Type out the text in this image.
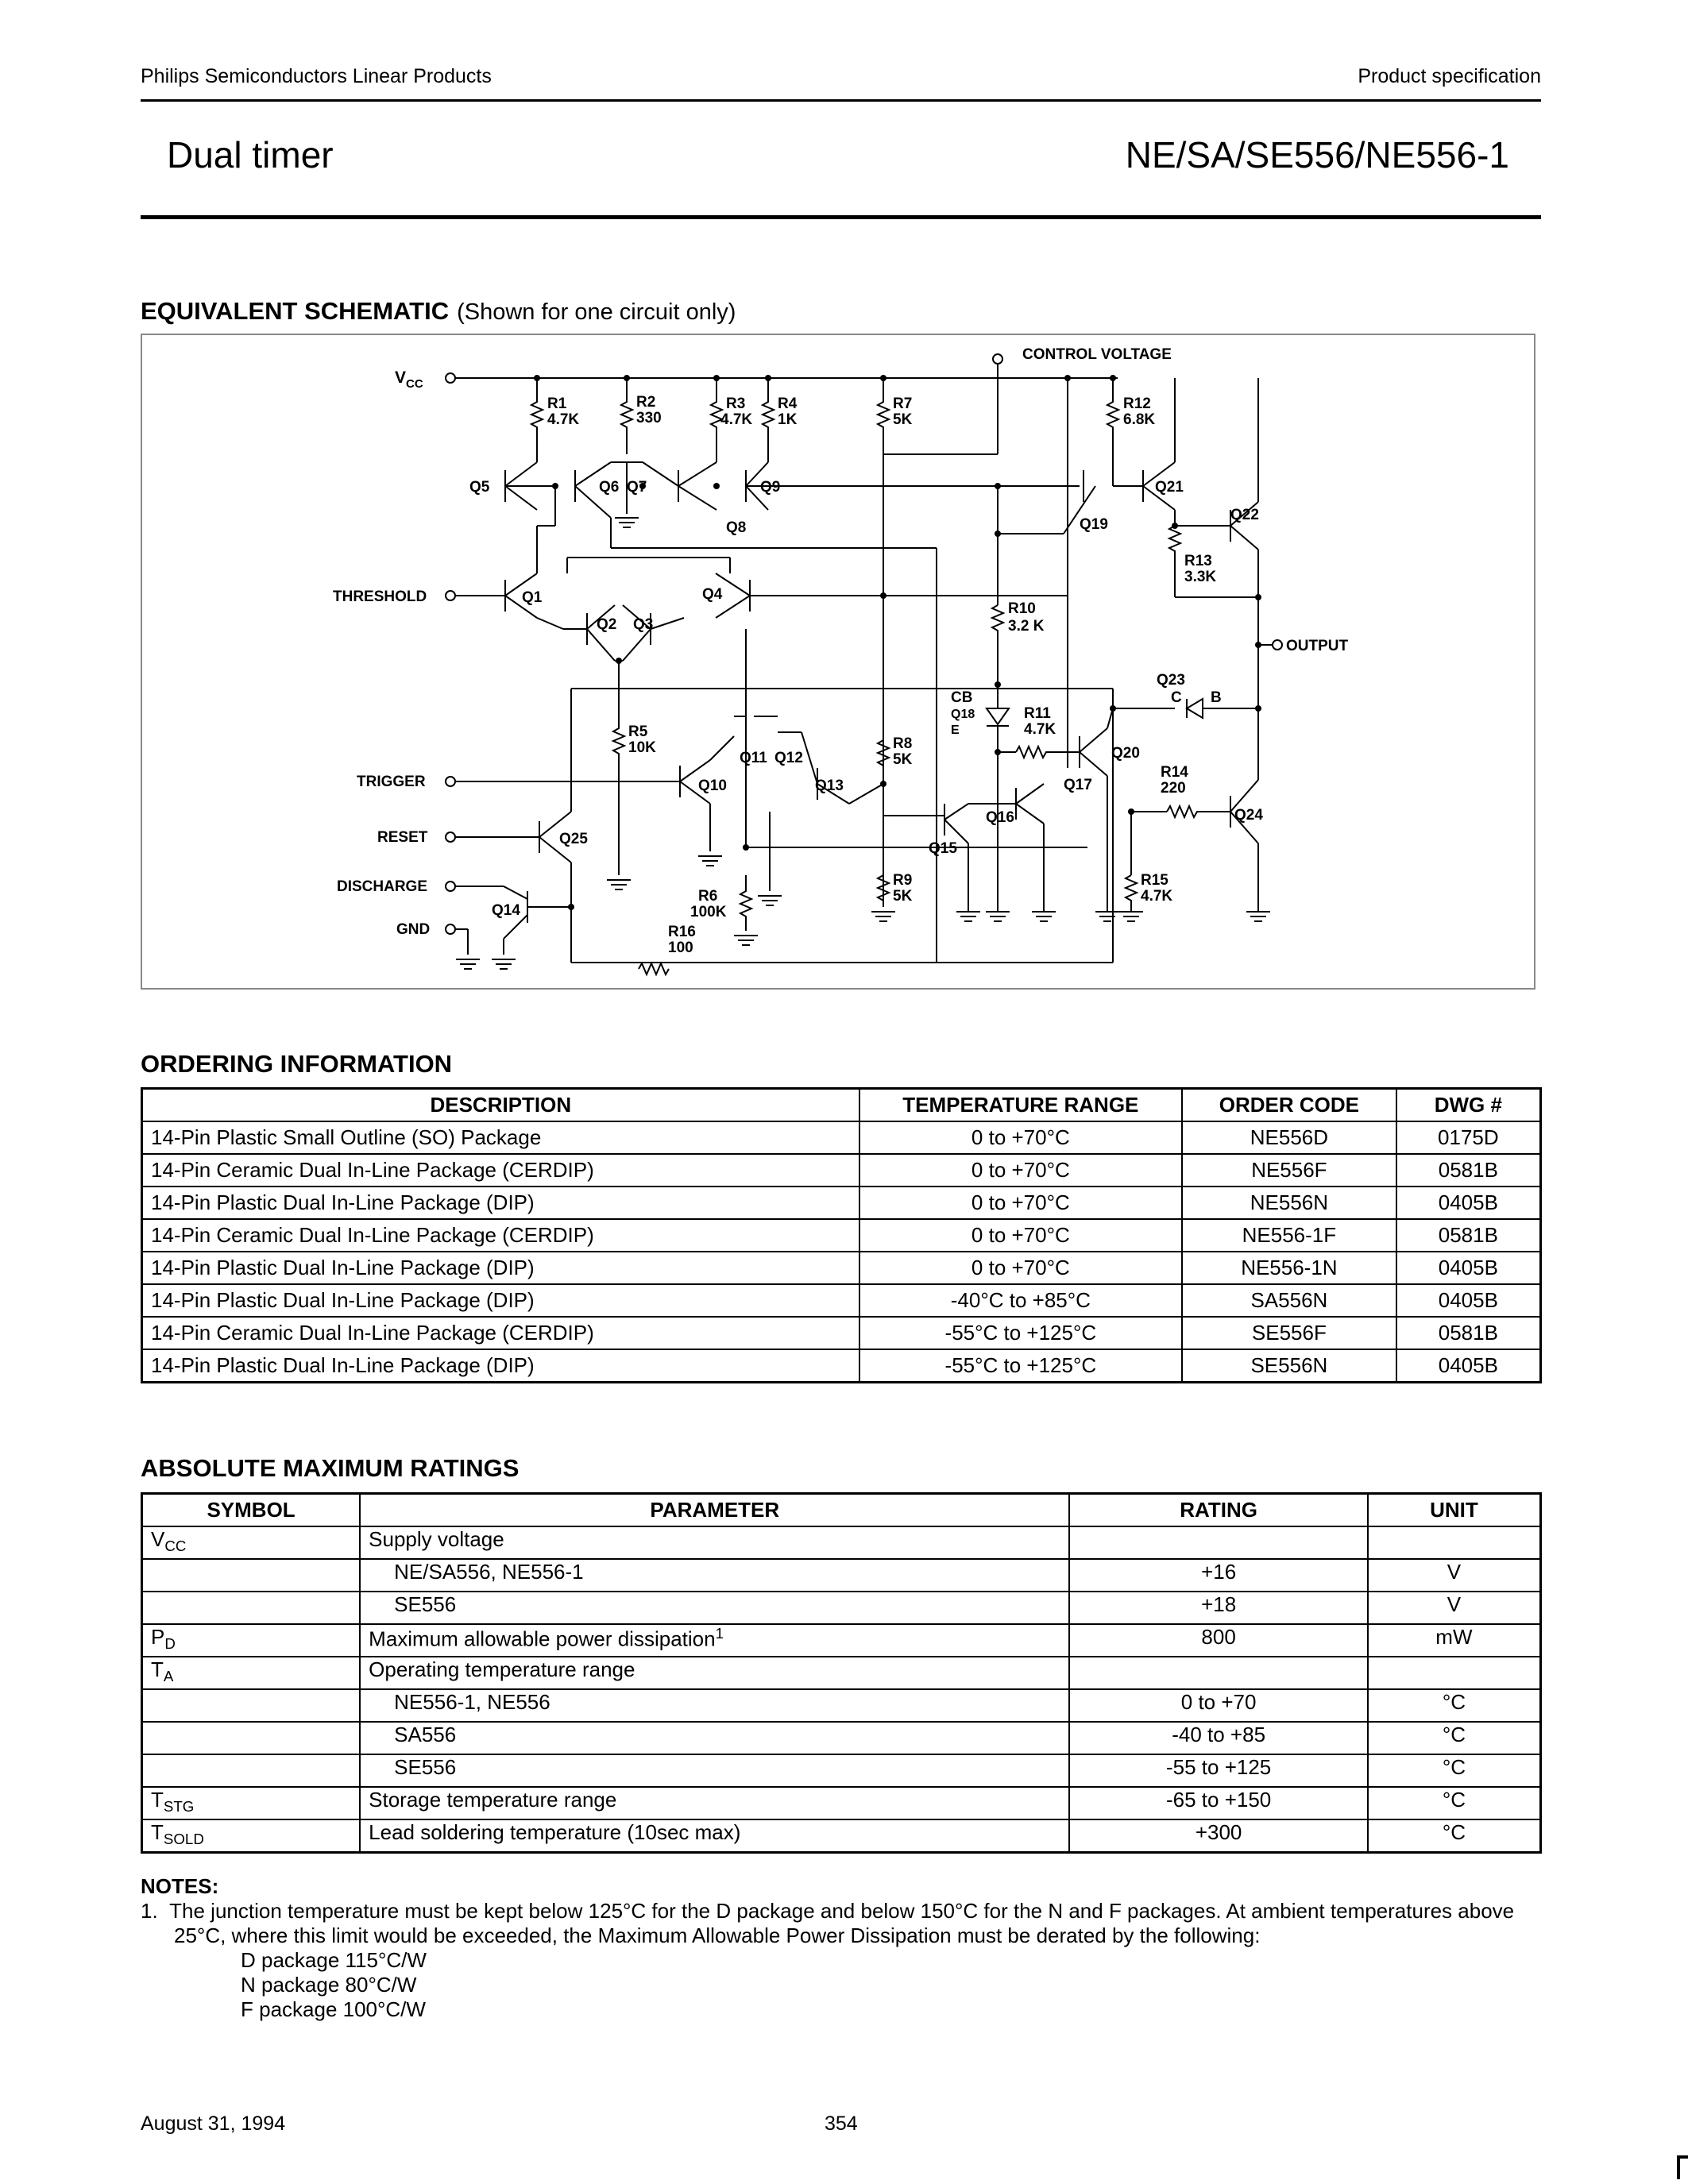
Philips Semiconductors Linear Products	Product specification
Dual timer	NE/SA/SE556/NE556-1
EQUIVALENT SCHEMATIC (Shown for one circuit only)
$V_{CC}$
CONTROL VOLTAGE
THRESHOLD
OUTPUT
TRIGGER
RESET
DISCHARGE
GND
R1
4.7K
R2
330
R3
4.7K
R4
1K
R5
10K
R6
100K
R7
5K
R8
5K
R9
5K
R10
3.2 K
R11
4.7K
R12
6.8K
R13
3.3K
R14
220
R15
4.7K
R16
100
Q1
Q2 Q3
Q4
Q5	Q6 Q7
Q8
Q9
Q10
Q11 Q12
Q13
Q14
Q15
Q16
Q17
Q19
Q20
Q21
Q22
Q23
Q24
Q25
CB
Q18
E
C B
ORDERING INFORMATION
DESCRIPTION	TEMPERATURE RANGE	ORDER CODE	DWG #
14-Pin Plastic Small Outline (SO) Package	0 to +70°C	NE556D	0175D
14-Pin Ceramic Dual In-Line Package (CERDIP)	0 to +70°C	NE556F	0581B
14-Pin Plastic Dual In-Line Package (DIP)	0 to +70°C	NE556N	0405B
14-Pin Ceramic Dual In-Line Package (CERDIP)	0 to +70°C	NE556-1F	0581B
14-Pin Plastic Dual In-Line Package (DIP)	0 to +70°C	NE556-1N	0405B
14-Pin Plastic Dual In-Line Package (DIP)	-40°C to +85°C	SA556N	0405B
14-Pin Ceramic Dual In-Line Package (CERDIP)	-55°C to +125°C	SE556F	0581B
14-Pin Plastic Dual In-Line Package (DIP)	-55°C to +125°C	SE556N	0405B
ABSOLUTE MAXIMUM RATINGS
SYMBOL	PARAMETER	RATING	UNIT
$V_{CC}$	Supply voltage		
	NE/SA556, NE556-1	+16	V
	SE556	+18	V
$P_D$	Maximum allowable power dissipation$^1$	800	mW
$T_A$	Operating temperature range		
	NE556-1, NE556	0 to +70	°C
	SA556	-40 to +85	°C
	SE556	-55 to +125	°C
$T_{STG}$	Storage temperature range	-65 to +150	°C
$T_{SOLD}$	Lead soldering temperature (10sec max)	+300	°C
NOTES:
1. The junction temperature must be kept below 125°C for the D package and below 150°C for the N and F packages. At ambient temperatures above 25°C, where this limit would be exceeded, the Maximum Allowable Power Dissipation must be derated by the following:
D package 115°C/W
N package 80°C/W
F package 100°C/W
August 31, 1994	354
